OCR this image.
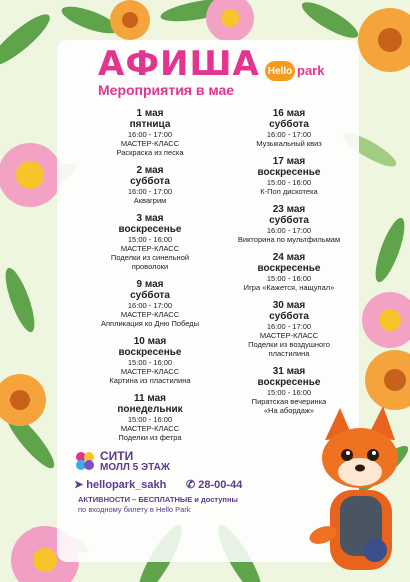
АФИША Hello park
Мероприятия в мае
1 мая
пятница
16:00 - 17:00
МАСТЕР-КЛАСС
Раскраска из песка
2 мая
суббота
16:00 - 17:00
Аквагрим
3 мая
воскресенье
15:00 - 16:00
МАСТЕР-КЛАСС
Поделки из синельной
проволоки
9 мая
суббота
16:00 - 17:00
МАСТЕР-КЛАСС
Аппликация ко Дню Победы
10 мая
воскресенье
15:00 - 16:00
МАСТЕР-КЛАСС
Картина из пластилина
11 мая
понедельник
15:00 - 16:00
МАСТЕР-КЛАСС
Поделки из фетра
16 мая
суббота
16:00 - 17:00
Музыкальный квиз
17 мая
воскресенье
15:00 - 16:00
К-Поп дискотека
23 мая
суббота
16:00 - 17:00
Викторина по мультфильмам
24 мая
воскресенье
15:00 - 16:00
Игра «Кажется, нащупал»
30 мая
суббота
16:00 - 17:00
МАСТЕР-КЛАСС
Поделки из воздушного
пластилина
31 мая
воскресенье
15:00 - 16:00
Пиратская вечеринка
«На абордаж»
СИТИ
МОЛЛ 5 ЭТАЖ
➤ hellopark_sakh ✆ 28-00-44
АКТИВНОСТИ – БЕСПЛАТНЫЕ и доступны
по входному билету в Hello Park
